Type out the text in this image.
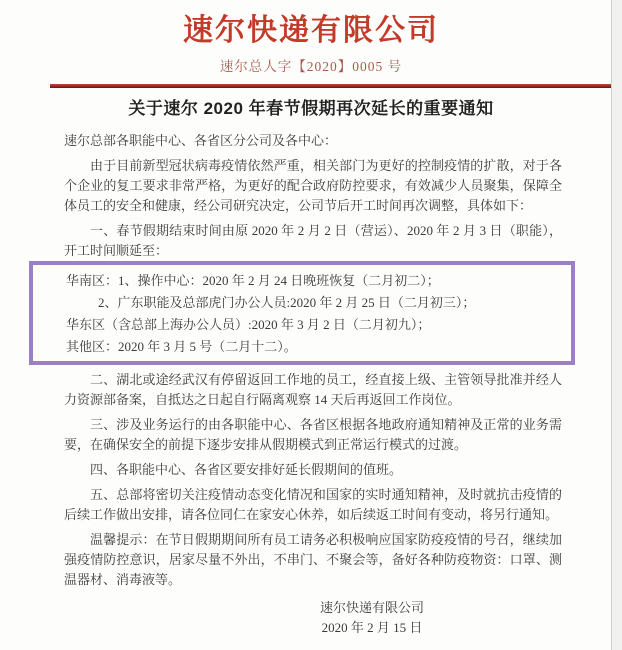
速尔快递有限公司
速尔总人字【2020】0005 号
关于速尔 2020 年春节假期再次延长的重要通知

速尔总部各职能中心、各省区分公司及各中心：

由于目前新型冠状病毒疫情依然严重，相关部门为更好的控制疫情的扩散，对于各个企业的复工要求非常严格，为更好的配合政府防控要求，有效减少人员聚集，保障全体员工的安全和健康，经公司研究决定，公司节后开工时间再次调整，具体如下：

一、春节假期结束时间由原 2020 年 2 月 2 日（营运）、2020 年 2 月 3 日（职能），开工时间顺延至：

华南区：1、操作中心：2020 年 2 月 24 日晚班恢复（二月初二）；

2、广东职能及总部虎门办公人员:2020 年 2 月 25 日（二月初三）；

华东区（含总部上海办公人员）:2020 年 3 月 2 日（二月初九）；

其他区：2020 年 3 月 5 号（二月十二）。

二、湖北或途经武汉有停留返回工作地的员工，经直接上级、主管领导批准并经人力资源部备案，自抵达之日起自行隔离观察 14 天后再返回工作岗位。

三、涉及业务运行的由各职能中心、各省区根据各地政府通知精神及正常的业务需要，在确保安全的前提下逐步安排从假期模式到正常运行模式的过渡。

四、各职能中心、各省区要安排好延长假期间的值班。

五、总部将密切关注疫情动态变化情况和国家的实时通知精神，及时就抗击疫情的后续工作做出安排，请各位同仁在家安心休养，如后续返工时间有变动，将另行通知。

温馨提示：在节日假期期间所有员工请务必积极响应国家防疫疫情的号召，继续加强疫情防控意识，居家尽量不外出，不串门、不聚会等，备好各种防疫物资：口罩、测温器材、消毒液等。

速尔快递有限公司
2020 年 2 月 15 日
